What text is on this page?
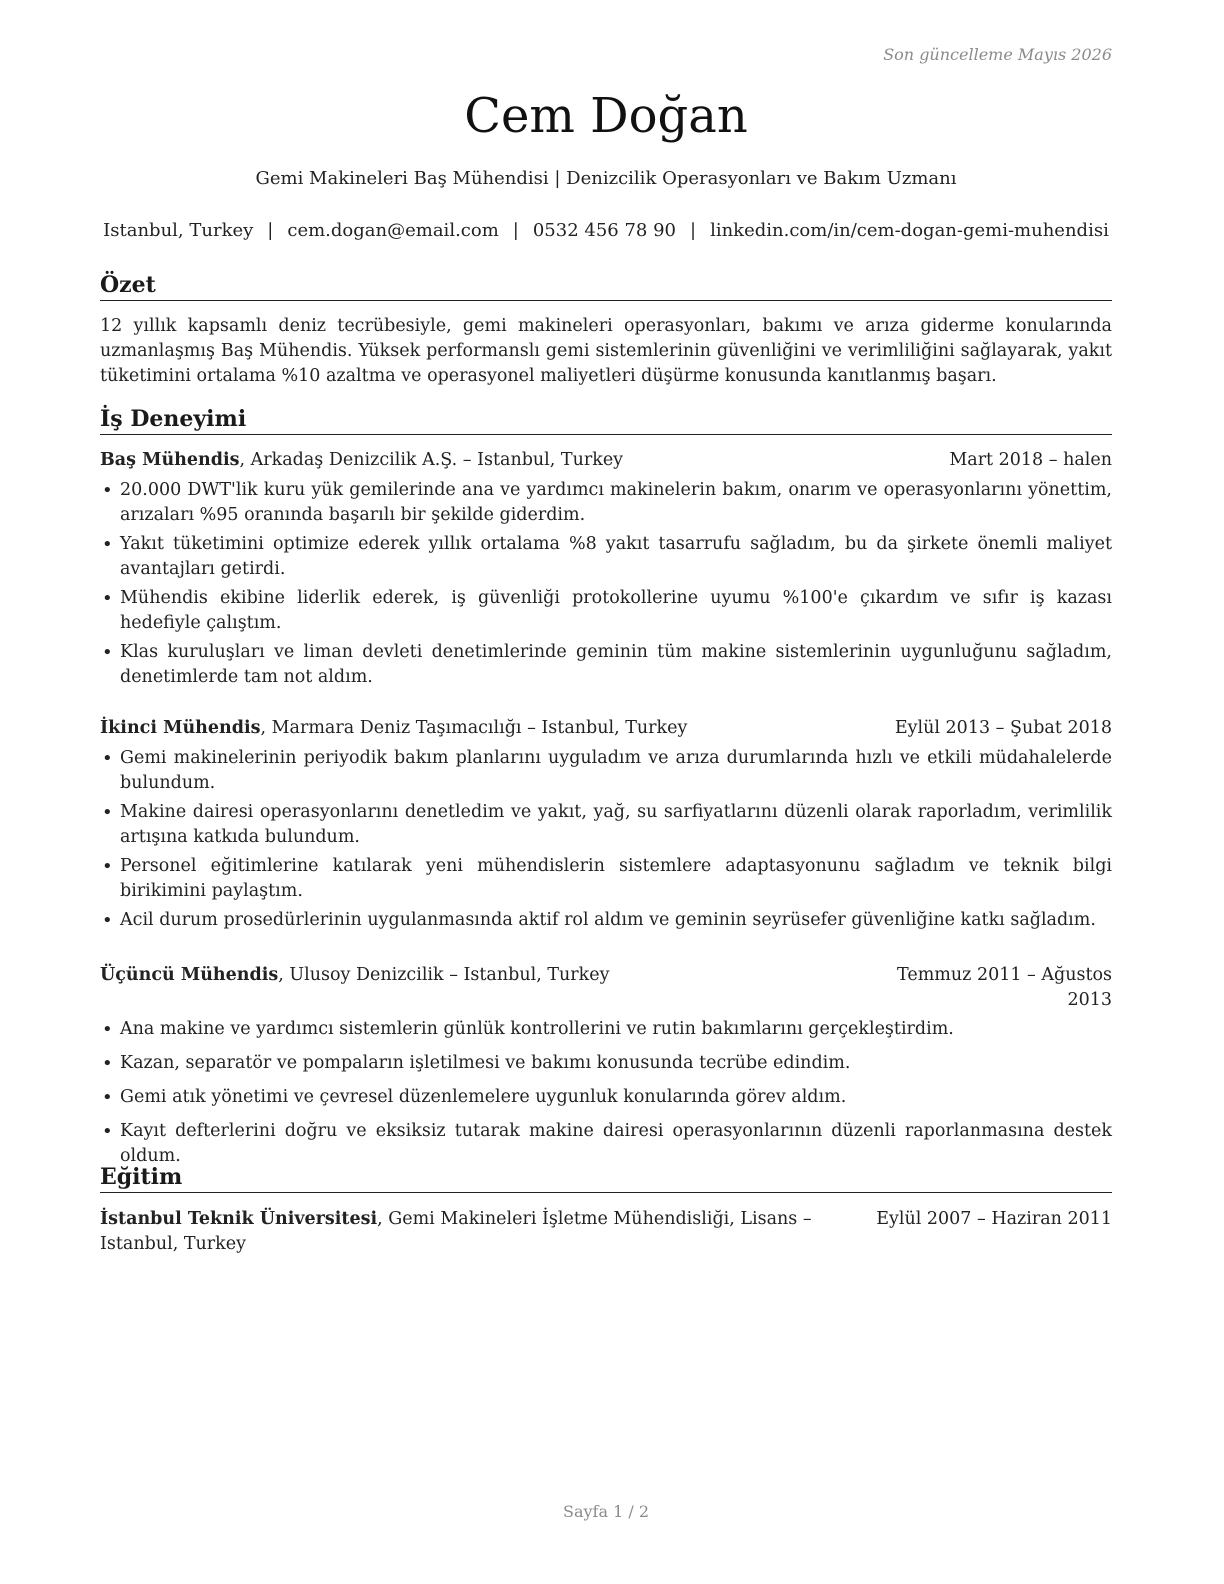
Son güncelleme Mayıs 2026
Cem Doğan
Gemi Makineleri Baş Mühendisi | Denizcilik Operasyonları ve Bakım Uzmanı
Istanbul, Turkey | cem.dogan@email.com | 0532 456 78 90 | linkedin.com/in/cem-dogan-gemi-muhendisi
Özet
12 yıllık kapsamlı deniz tecrübesiyle, gemi makineleri operasyonları, bakımı ve arıza giderme konularında uzmanlaşmış Baş Mühendis. Yüksek performanslı gemi sistemlerinin güvenliğini ve verimliliğini sağlayarak, yakıt tüketimini ortalama %10 azaltma ve operasyonel maliyetleri düşürme konusunda kanıtlanmış başarı.
İş Deneyimi
Baş Mühendis, Arkadaş Denizcilik A.Ş. – Istanbul, Turkey	Mart 2018 – halen
• 20.000 DWT'lik kuru yük gemilerinde ana ve yardımcı makinelerin bakım, onarım ve operasyonlarını yönettim, arızaları %95 oranında başarılı bir şekilde giderdim.
• Yakıt tüketimini optimize ederek yıllık ortalama %8 yakıt tasarrufu sağladım, bu da şirkete önemli maliyet avantajları getirdi.
• Mühendis ekibine liderlik ederek, iş güvenliği protokollerine uyumu %100'e çıkardım ve sıfır iş kazası hedefiyle çalıştım.
• Klas kuruluşları ve liman devleti denetimlerinde geminin tüm makine sistemlerinin uygunluğunu sağladım, denetimlerde tam not aldım.
İkinci Mühendis, Marmara Deniz Taşımacılığı – Istanbul, Turkey	Eylül 2013 – Şubat 2018
• Gemi makinelerinin periyodik bakım planlarını uyguladım ve arıza durumlarında hızlı ve etkili müdahalelerde bulundum.
• Makine dairesi operasyonlarını denetledim ve yakıt, yağ, su sarfiyatlarını düzenli olarak raporladım, verimlilik artışına katkıda bulundum.
• Personel eğitimlerine katılarak yeni mühendislerin sistemlere adaptasyonunu sağladım ve teknik bilgi birikimini paylaştım.
• Acil durum prosedürlerinin uygulanmasında aktif rol aldım ve geminin seyrüsefer güvenliğine katkı sağladım.
Üçüncü Mühendis, Ulusoy Denizcilik – Istanbul, Turkey	Temmuz 2011 – Ağustos 2013
• Ana makine ve yardımcı sistemlerin günlük kontrollerini ve rutin bakımlarını gerçekleştirdim.
• Kazan, separatör ve pompaların işletilmesi ve bakımı konusunda tecrübe edindim.
• Gemi atık yönetimi ve çevresel düzenlemelere uygunluk konularında görev aldım.
• Kayıt defterlerini doğru ve eksiksiz tutarak makine dairesi operasyonlarının düzenli raporlanmasına destek oldum.
Eğitim
İstanbul Teknik Üniversitesi, Gemi Makineleri İşletme Mühendisliği, Lisans – Istanbul, Turkey
Eylül 2007 – Haziran 2011
Sayfa 1 / 2
